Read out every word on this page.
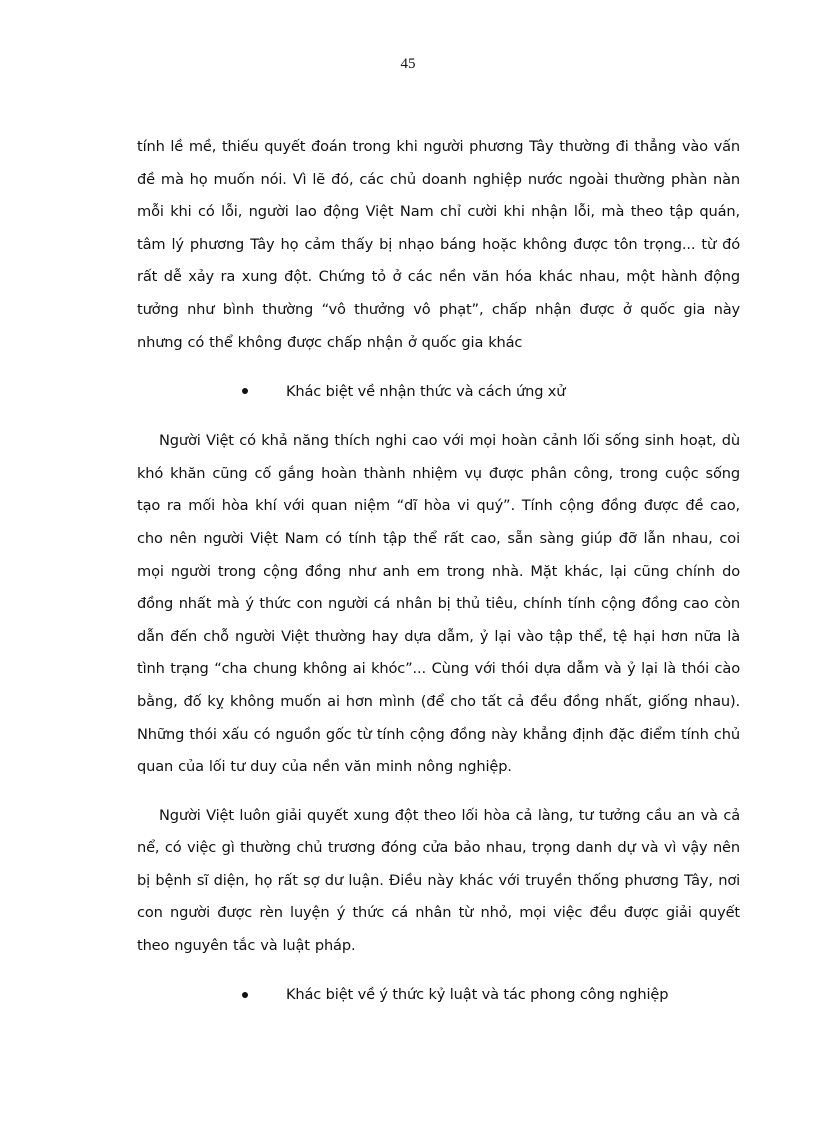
45

tính lề mề, thiếu quyết đoán trong khi người phương Tây thường đi thẳng vào vấn đề mà họ muốn nói. Vì lẽ đó, các chủ doanh nghiệp nước ngoài thường phàn nàn mỗi khi có lỗi, người lao động Việt Nam chỉ cười khi nhận lỗi, mà theo tập quán, tâm lý phương Tây họ cảm thấy bị nhạo báng hoặc không được tôn trọng... từ đó rất dễ xảy ra xung đột. Chứng tỏ ở các nền văn hóa khác nhau, một hành động tưởng như bình thường “vô thưởng vô phạt”, chấp nhận được ở quốc gia này nhưng có thể không được chấp nhận ở quốc gia khác

Khác biệt về nhận thức và cách ứng xử

Người Việt có khả năng thích nghi cao với mọi hoàn cảnh lối sống sinh hoạt, dù khó khăn cũng cố gắng hoàn thành nhiệm vụ được phân công, trong cuộc sống tạo ra mối hòa khí với quan niệm “dĩ hòa vi quý”. Tính cộng đồng được đề cao, cho nên người Việt Nam có tính tập thể rất cao, sẵn sàng giúp đỡ lẫn nhau, coi mọi người trong cộng đồng như anh em trong nhà. Mặt khác, lại cũng chính do đồng nhất mà ý thức con người cá nhân bị thủ tiêu, chính tính cộng đồng cao còn dẫn đến chỗ người Việt thường hay dựa dẫm, ỷ lại vào tập thể, tệ hại hơn nữa là tình trạng “cha chung không ai khóc”... Cùng với thói dựa dẫm và ỷ lại là thói cào bằng, đố kỵ không muốn ai hơn mình (để cho tất cả đều đồng nhất, giống nhau). Những thói xấu có nguồn gốc từ tính cộng đồng này khẳng định đặc điểm tính chủ quan của lối tư duy của nền văn minh nông nghiệp.

Người Việt luôn giải quyết xung đột theo lối hòa cả làng, tư tưởng cầu an và cả nể, có việc gì thường chủ trương đóng cửa bảo nhau, trọng danh dự và vì vậy nên bị bệnh sĩ diện, họ rất sợ dư luận. Điều này khác với truyền thống phương Tây, nơi con người được rèn luyện ý thức cá nhân từ nhỏ, mọi việc đều được giải quyết theo nguyên tắc và luật pháp.

Khác biệt về ý thức kỷ luật và tác phong công nghiệp
